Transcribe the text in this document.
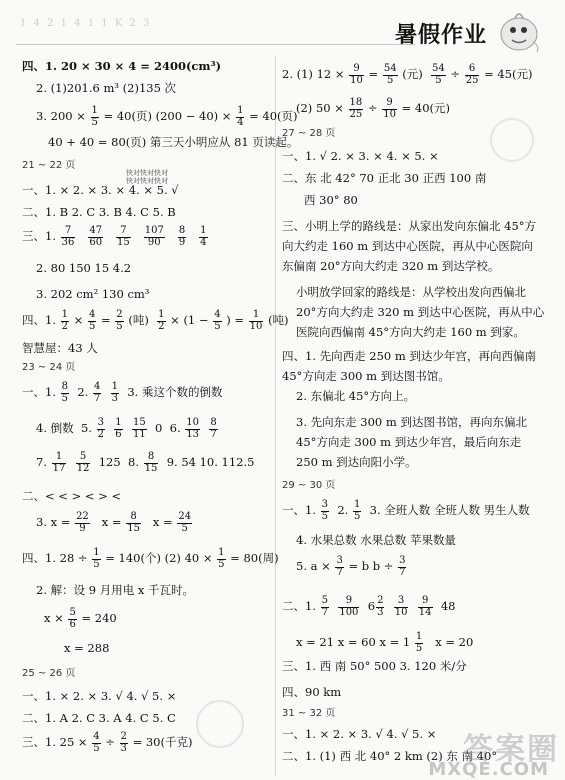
1 4 2 1 4 1 1 K 2 3	暑假作业
四、1. 20 × 30 × 4 = 2400(cm³)
2. (1)201.6 m³ (2)135 次
3. $200 \times \frac{1}{5} = 40$(页) $(200 - 40) \times \frac{1}{4} = 40$(页)
40 + 40 = 80(页) 第三天小明应从 81 页读起。
快对快对快对
快对快对快对
21 ~ 22 页
一、1. × 2. × 3. × 4. × 5. √
二、1. B 2. C 3. B 4. C 5. B
三、1. $\frac{7}{36}$
$\frac{47}{60}$
$\frac{7}{15}$
$\frac{107}{90}$
$\frac{8}{9}$
$\frac{1}{4}$
2. 80 150 15 4.2
3. 202 cm² 130 cm³
四、1. $\frac{1}{2} \times \frac{4}{5} = \frac{2}{5}$ (吨) $\frac{1}{2} \times (1 - \frac{4}{5}$ ) = $\frac{1}{10}$ (吨)
智慧屋：43 人
23 ~ 24 页
一、1. $\frac{8}{5} 2$. $\frac{4}{7}$
$\frac{1}{3} 3$. 乘这个数的倒数
4. 倒数 5. $\frac{3}{2}$
$\frac{1}{6}$
$\frac{15}{11} 0$ 6. $\frac{10}{13}$
$\frac{8}{7}$
7. $\frac{1}{17}$
$\frac{5}{12} 125$ 8. $\frac{8}{15} 9$. 54 10. 112.5
二、< < > < > <
3. $x = \frac{22}{9}$ $x = \frac{8}{15}$ $x = \frac{24}{5}$
四、1. $28 \div \frac{1}{5} = 140$(个) (2) $40 \times \frac{1}{5} = 80$(周)
2. 解：设 9 月用电 x 千瓦时。
$x \times \frac{5}{6} = 240$
x = 288
25 ~ 26 页
一、1. × 2. × 3. √ 4. √ 5. ×
二、1. A 2. C 3. A 4. C 5. C
三、1. $25 \times \frac{4}{5} \div \frac{2}{3} = 30$(千克)
2. (1) $12 \times \frac{9}{10} = \frac{54}{5}$ (元) $\frac{54}{5} \div \frac{6}{25} = 45$(元)
(2) $50 \times \frac{18}{25} \div \frac{9}{10} = 40$(元)
27 ~ 28 页
一、1. √ 2. × 3. × 4. × 5. ×
二、东 北 42° 70 正北 30 正西 100 南
西 30° 80
三、小明上学的路线是：从家出发向东偏北 45°方向大约走 160 m 到达中心医院，再从中心医院向东偏南 20°方向大约走 320 m 到达学校。
小明放学回家的路线是：从学校出发向西偏北 20°方向大约走 320 m 到达中心医院，再从中心医院向西偏南 45°方向大约走 160 m 到家。
四、1. 先向西走 250 m 到达少年宫，再向西偏南 45°方向走 300 m 到达图书馆。
2. 东偏北 45°方向上。
3. 先向东走 300 m 到达图书馆，再向东偏北 45°方向走 300 m 到达少年宫，最后向东走 250 m 到达向阳小学。
29 ~ 30 页
一、1. $\frac{3}{5} 2$. $\frac{1}{5} 3$. 全班人数 全班人数 男生人数
4. 水果总数 水果总数 苹果数量
5. $a \times \frac{3}{7} = b$ $b \div \frac{3}{7}$
二、1. $\frac{5}{7}$
$\frac{9}{100} 6 \frac{2}{3}$
$\frac{3}{10}$
$\frac{9}{14} 48$
x = 21 x = 60 $x = 1 \frac{1}{5}$ x = 20
三、1. 西 南 50° 500 3. 120 米/分
四、90 km
31 ~ 32 页
一、1. × 2. × 3. √ 4. √ 5. ×
二、1. (1) 西 北 40° 2 km (2) 东 南 40°
答案圈
MXQE.COM
